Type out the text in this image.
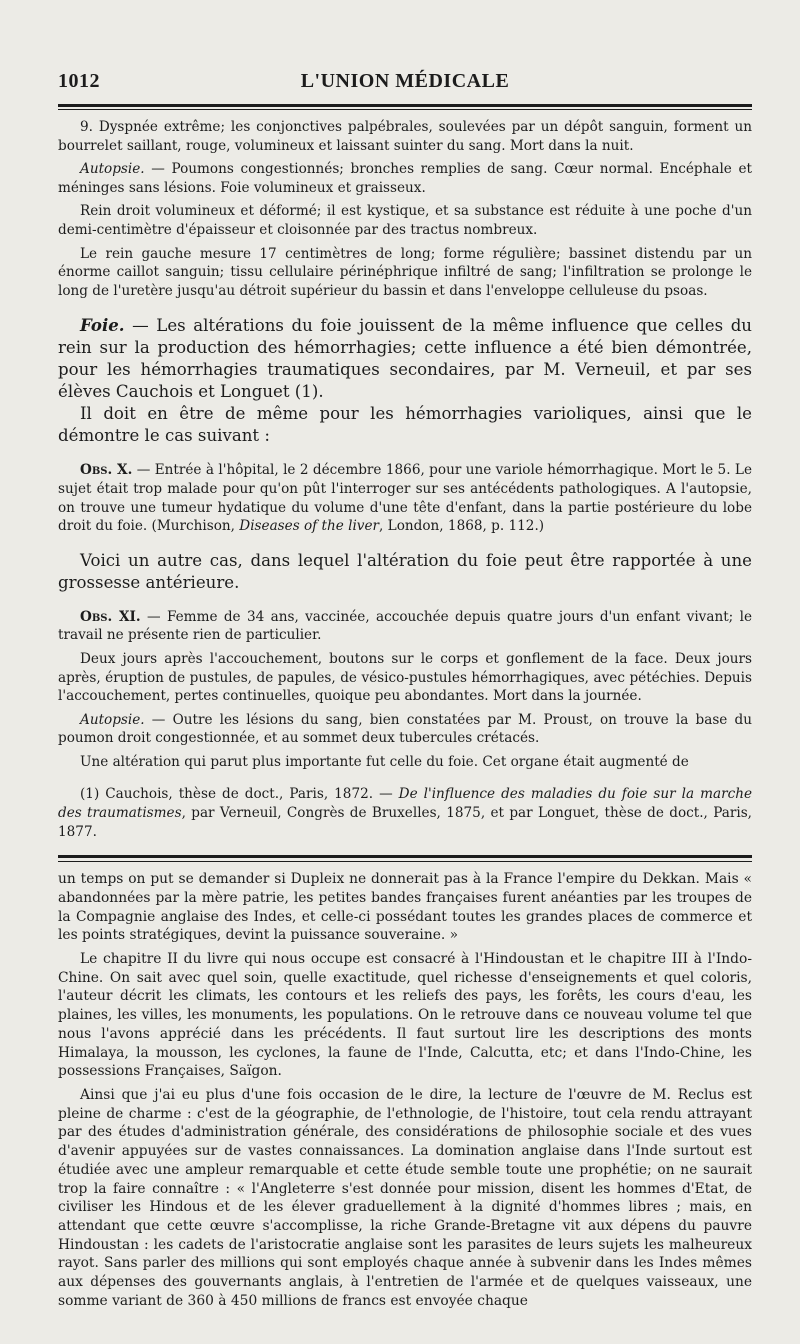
1012	L'UNION MÉDICALE

9. Dyspnée extrême; les conjonctives palpébrales, soulevées par un dépôt sanguin, forment un bourrelet saillant, rouge, volumineux et laissant suinter du sang. Mort dans la nuit.

Autopsie. — Poumons congestionnés; bronches remplies de sang. Cœur normal. Encéphale et méninges sans lésions. Foie volumineux et graisseux.

Rein droit volumineux et déformé; il est kystique, et sa substance est réduite à une poche d'un demi-centimètre d'épaisseur et cloisonnée par des tractus nombreux.

Le rein gauche mesure 17 centimètres de long; forme régulière; bassinet distendu par un énorme caillot sanguin; tissu cellulaire périnéphrique infiltré de sang; l'infiltration se prolonge le long de l'uretère jusqu'au détroit supérieur du bassin et dans l'enveloppe celluleuse du psoas.

Foie. — Les altérations du foie jouissent de la même influence que celles du rein sur la production des hémorrhagies; cette influence a été bien démontrée, pour les hémorrhagies traumatiques secondaires, par M. Verneuil, et par ses élèves Cauchois et Longuet (1).

Il doit en être de même pour les hémorrhagies varioliques, ainsi que le démontre le cas suivant :

Obs. X. — Entrée à l'hôpital, le 2 décembre 1866, pour une variole hémorrhagique. Mort le 5. Le sujet était trop malade pour qu'on pût l'interroger sur ses antécédents pathologiques. A l'autopsie, on trouve une tumeur hydatique du volume d'une tête d'enfant, dans la partie postérieure du lobe droit du foie. (Murchison, Diseases of the liver, London, 1868, p. 112.)

Voici un autre cas, dans lequel l'altération du foie peut être rapportée à une grossesse antérieure.

Obs. XI. — Femme de 34 ans, vaccinée, accouchée depuis quatre jours d'un enfant vivant; le travail ne présente rien de particulier.

Deux jours après l'accouchement, boutons sur le corps et gonflement de la face. Deux jours après, éruption de pustules, de papules, de vésico-pustules hémorrhagiques, avec pétéchies. Depuis l'accouchement, pertes continuelles, quoique peu abondantes. Mort dans la journée.

Autopsie. — Outre les lésions du sang, bien constatées par M. Proust, on trouve la base du poumon droit congestionnée, et au sommet deux tubercules crétacés.

Une altération qui parut plus importante fut celle du foie. Cet organe était augmenté de

(1) Cauchois, thèse de doct., Paris, 1872. — De l'influence des maladies du foie sur la marche des traumatismes, par Verneuil, Congrès de Bruxelles, 1875, et par Longuet, thèse de doct., Paris, 1877.

un temps on put se demander si Dupleix ne donnerait pas à la France l'empire du Dekkan. Mais « abandonnées par la mère patrie, les petites bandes françaises furent anéanties par les troupes de la Compagnie anglaise des Indes, et celle-ci possédant toutes les grandes places de commerce et les points stratégiques, devint la puissance souveraine. »

Le chapitre II du livre qui nous occupe est consacré à l'Hindoustan et le chapitre III à l'Indo-Chine. On sait avec quel soin, quelle exactitude, quel richesse d'enseignements et quel coloris, l'auteur décrit les climats, les contours et les reliefs des pays, les forêts, les cours d'eau, les plaines, les villes, les monuments, les populations. On le retrouve dans ce nouveau volume tel que nous l'avons apprécié dans les précédents. Il faut surtout lire les descriptions des monts Himalaya, la mousson, les cyclones, la faune de l'Inde, Calcutta, etc; et dans l'Indo-Chine, les possessions Françaises, Saïgon.

Ainsi que j'ai eu plus d'une fois occasion de le dire, la lecture de l'œuvre de M. Reclus est pleine de charme : c'est de la géographie, de l'ethnologie, de l'histoire, tout cela rendu attrayant par des études d'administration générale, des considérations de philosophie sociale et des vues d'avenir appuyées sur de vastes connaissances. La domination anglaise dans l'Inde surtout est étudiée avec une ampleur remarquable et cette étude semble toute une prophétie; on ne saurait trop la faire connaître : « l'Angleterre s'est donnée pour mission, disent les hommes d'Etat, de civiliser les Hindous et de les élever graduellement à la dignité d'hommes libres ; mais, en attendant que cette œuvre s'accomplisse, la riche Grande-Bretagne vit aux dépens du pauvre Hindoustan : les cadets de l'aristocratie anglaise sont les parasites de leurs sujets les malheureux rayot. Sans parler des millions qui sont employés chaque année à subvenir dans les Indes mêmes aux dépenses des gouvernants anglais, à l'entretien de l'armée et de quelques vaisseaux, une somme variant de 360 à 450 millions de francs est envoyée chaque
